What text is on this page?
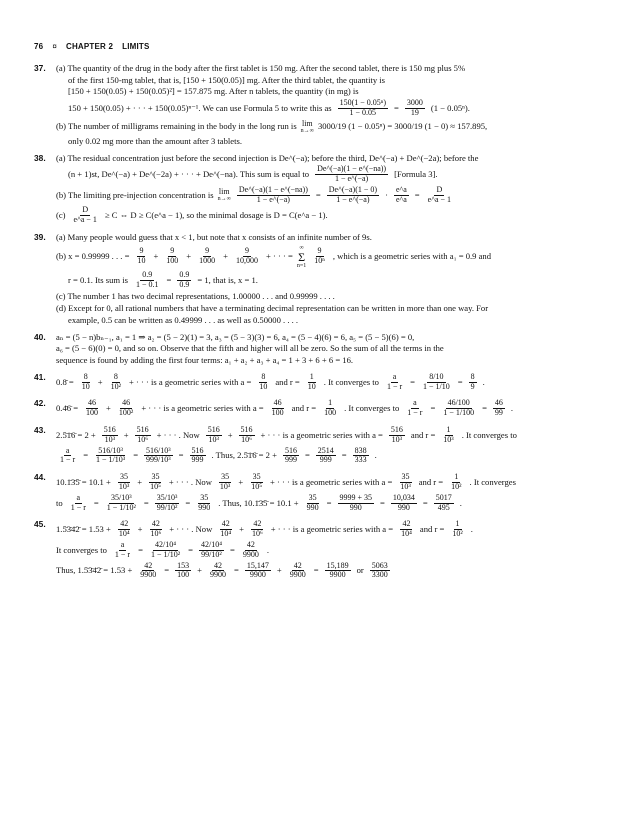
76 ¤ CHAPTER 2 LIMITS
37. (a) The quantity of the drug in the body after the first tablet is 150 mg. After the second tablet, there is 150 mg plus 5%
of the first 150-mg tablet, that is, [150 + 150(0.05)] mg. After the third tablet, the quantity is
[150 + 150(0.05) + 150(0.05)²] = 157.875 mg. After n tablets, the quantity (in mg) is
150 + 150(0.05) + · · · + 150(0.05)ⁿ⁻¹. We can use Formula 5 to write this as $\frac{\text{150(1 − 0.05ⁿ)}}{1 - 0.05} = \frac{3000}{19} (1 - 0.05^n)$.

(b) The number of milligrams remaining in the body in the long run is lim
n→∞ 3000/19 (1 − 0.05ⁿ) = 3000/19 (1 − 0) ≈ 157.895,
only 0.02 mg more than the amount after 3 tablets.
38. (a) The residual concentration just before the second injection is De^(−a); before the third, De^(−a) + De^(−2a); before the
(n + 1)st, De^(−a) + De^(−2a) + · · · + De^(−na). This sum is equal to $\frac{De\^{}(-a)(1 - e\^{}(-na))}{1 - e\^{}(-a)}$ [Formula 3].

(b) The limiting pre-injection concentration is lim
$n\to\infty \frac{De\^{}(-a)(1 - e\^{}(-na))}{1 - e\^{}(-a)} = \frac{De\^{}(-a)(1 - 0)}{1 - e\^{}(-a)} \cdot \frac{e\^{}a}{e\^{}a} = \frac{D}{e\^{}a - 1}$

$(c) \frac{D}{e\^{}a - 1} \ge C$ ⇔ D ≥ C(e^a − 1), so the minimal dosage is D = C(e^a − 1).
39. (a) Many people would guess that x < 1, but note that x consists of an infinite number of 9s.
(b) x = 0.99999 . . . = $\frac{9}{10} + \frac{9}{100} + \frac{9}{1000} + \frac{9}{10,000}$ + · · · =
∞
Σ
$n=1 \frac{9}{\text{10ⁿ}}$ , which is a geometric series with a₁ = 0.9 and

r = 0.1. Its sum is $\frac{0.9}{1 - 0.1} = \frac{0.9}{0.9} = 1$, that is, x = 1.
(c) The number 1 has two decimal representations, 1.00000 . . . and 0.99999 . . . .
(d) Except for 0, all rational numbers that have a terminating decimal representation can be written in more than one way. For
example, 0.5 can be written as 0.49999 . . . as well as 0.50000 . . . .
40. aₙ = (5 − n)bₙ₋₁, a₁ = 1 ⇒ a₂ = (5 − 2)(1) = 3, a₃ = (5 − 3)(3) = 6, a₄ = (5 − 4)(6) = 6, a₅ = (5 − 5)(6) = 0,
a₆ = (5 − 6)(0) = 0, and so on. Observe that the fifth and higher will all be zero. So the sum of all the terms in the
sequence is found by adding the first four terms: a₁ + a₂ + a₃ + a₄ = 1 + 3 + 6 + 6 = 16.
41. 0.8̄ = $\frac{8}{10} + \frac{8}{\text{10²}}$ + · · · is a geometric series with $a = \frac{8}{10}$ and $r = \frac{1}{10}$ . It converges to $\frac{a}{1 - r} = \frac{8/10}{1 - 1/10} = \frac{8}{9}$ .
42. 0.4̄6̄ = $\frac{46}{100} + \frac{46}{\text{100²}}$ + · · · is a geometric series with $a = \frac{46}{100}$ and $r = \frac{1}{100}$ . It converges to $\frac{a}{1 - r} = \frac{46/100}{1 - 1/100} = \frac{46}{99}$ .
43. 2.5̄1̄6̄ = $2 + \frac{516}{\text{10³}} + \frac{516}{\text{10⁶}}$ + · · · . Now $\frac{516}{\text{10³}} + \frac{516}{\text{10⁶}}$ + · · · is a geometric series with $a = \frac{516}{\text{10³}}$ and $r = \frac{1}{\text{10³}}$ . It converges to

$\frac{a}{1 - r} = \frac{\text{516/10³}}{\text{1 − 1/10³}} = \frac{\text{516/10³}}{\text{999/10³}} = \frac{516}{999}$ . Thus, 2.5̄1̄6̄ = $2 + \frac{516}{999} = \frac{2514}{999} = \frac{838}{333}$ .
44. 10.1̄3̄5̄ = $10.1 + \frac{35}{\text{10³}} + \frac{35}{\text{10⁵}}$ + · · · . Now $\frac{35}{\text{10³}} + \frac{35}{\text{10⁵}}$ + · · · is a geometric series with $a = \frac{35}{\text{10³}}$ and $r = \frac{1}{\text{10²}}$ . It converges

to $\frac{a}{1 - r} = \frac{\text{35/10³}}{\text{1 − 1/10²}} = \frac{\text{35/10³}}{\text{99/10²}} = \frac{35}{990}$ . Thus, 10.1̄3̄5̄ = $10.1 + \frac{35}{990} = \frac{9999 + 35}{990} = \frac{10,034}{990} = \frac{5017}{495}$ .
45. 1.5̄3̄4̄2̄ = $1.53 + \frac{42}{\text{10⁴}} + \frac{42}{\text{10⁶}}$ + · · · . Now $\frac{42}{\text{10⁴}} + \frac{42}{\text{10⁶}}$ + · · · is a geometric series with $a = \frac{42}{\text{10⁴}}$ and $r = \frac{1}{\text{10²}}$ .
It converges to $\frac{a}{1 - r} = \frac{\text{42/10⁴}}{\text{1 − 1/10²}} = \frac{\text{42/10⁴}}{\text{99/10²}} = \frac{42}{9900}$ .
Thus, 1.5̄3̄4̄2̄ = $1.53 + \frac{42}{9900} = \frac{153}{100} + \frac{42}{9900} = \frac{15,147}{9900} + \frac{42}{9900} = \frac{15,189}{9900}$ or $\frac{5063}{3300}$
